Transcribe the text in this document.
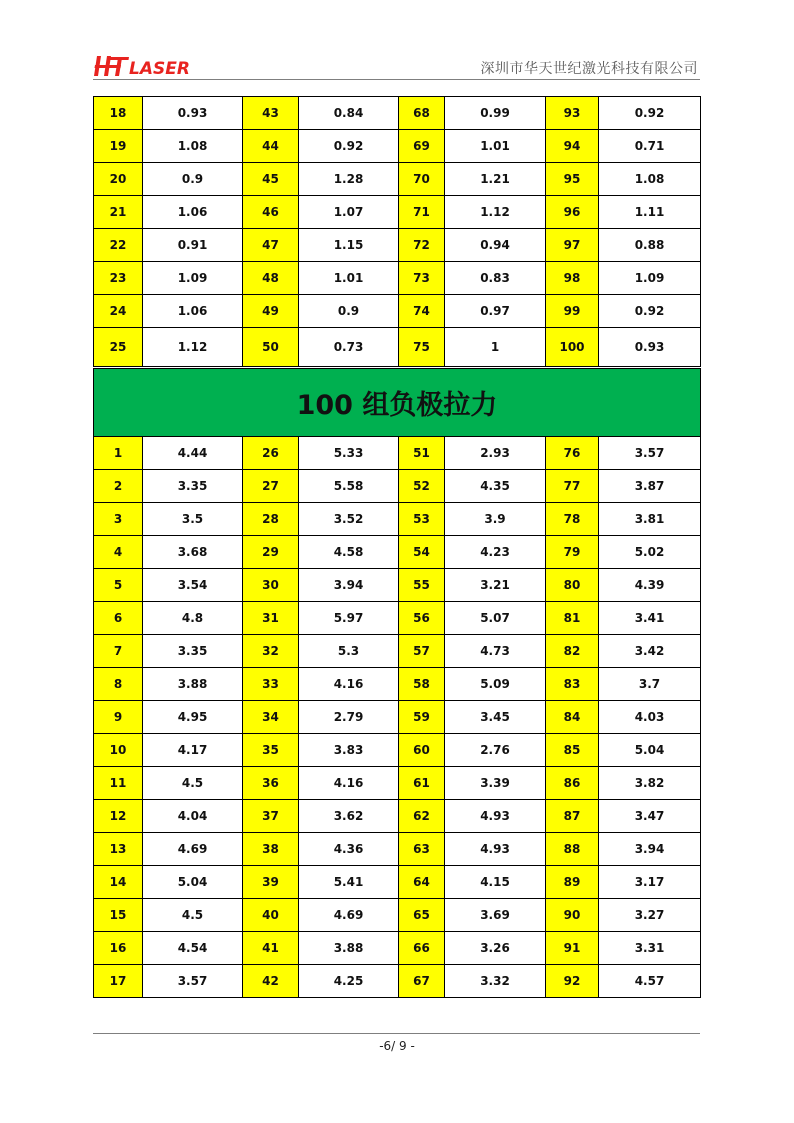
LASER	深圳市华天世纪激光科技有限公司
18	0.93	43	0.84	68	0.99	93	0.92
19	1.08	44	0.92	69	1.01	94	0.71
20	0.9	45	1.28	70	1.21	95	1.08
21	1.06	46	1.07	71	1.12	96	1.11
22	0.91	47	1.15	72	0.94	97	0.88
23	1.09	48	1.01	73	0.83	98	1.09
24	1.06	49	0.9	74	0.97	99	0.92
25	1.12	50	0.73	75	1	100	0.93
100 组负极拉力
1	4.44	26	5.33	51	2.93	76	3.57
2	3.35	27	5.58	52	4.35	77	3.87
3	3.5	28	3.52	53	3.9	78	3.81
4	3.68	29	4.58	54	4.23	79	5.02
5	3.54	30	3.94	55	3.21	80	4.39
6	4.8	31	5.97	56	5.07	81	3.41
7	3.35	32	5.3	57	4.73	82	3.42
8	3.88	33	4.16	58	5.09	83	3.7
9	4.95	34	2.79	59	3.45	84	4.03
10	4.17	35	3.83	60	2.76	85	5.04
11	4.5	36	4.16	61	3.39	86	3.82
12	4.04	37	3.62	62	4.93	87	3.47
13	4.69	38	4.36	63	4.93	88	3.94
14	5.04	39	5.41	64	4.15	89	3.17
15	4.5	40	4.69	65	3.69	90	3.27
16	4.54	41	3.88	66	3.26	91	3.31
17	3.57	42	4.25	67	3.32	92	4.57
-6/ 9 -
